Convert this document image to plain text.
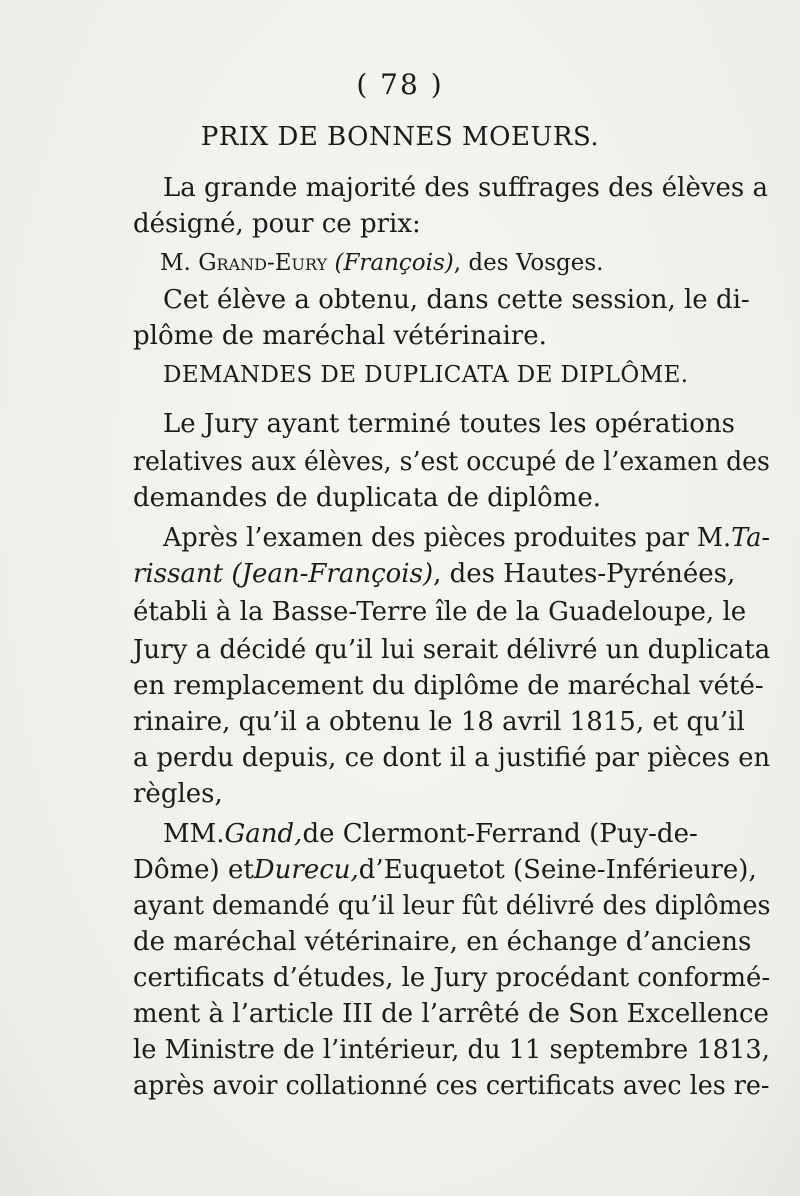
( 78 )
PRIX DE BONNES MOEURS.
La grande majorité des suffrages des élèves a
désigné, pour ce prix:
M. Grand-Eury (François), des Vosges.
Cet élève a obtenu, dans cette session, le di-
plôme de maréchal vétérinaire.
DEMANDES DE DUPLICATA DE DIPLÔME.
Le Jury ayant terminé toutes les opérations
relatives aux élèves, s’est occupé de l’examen des
demandes de duplicata de diplôme.
Après l’examen des pièces produites par M. Ta-
rissant
(Jean-François) , des Hautes-Pyrénées,
établi à la Basse-Terre île de la Guadeloupe, le
Jury a décidé qu’il lui serait délivré un duplicata
en remplacement du diplôme de maréchal vété-
rinaire, qu’il a obtenu le 18 avril 1815, et qu’il
a perdu depuis, ce dont il a justifié par pièces en
règles,
MM. Gand, de Clermont-Ferrand (Puy-de-
Dôme) et Durecu, d’Euquetot (Seine-Inférieure),
ayant demandé qu’il leur fût délivré des diplômes
de maréchal vétérinaire, en échange d’anciens
certificats d’études, le Jury procédant conformé-
ment à l’article III de l’arrêté de Son Excellence
le Ministre de l’intérieur, du 11 septembre 1813,
après avoir collationné ces certificats avec les re-
